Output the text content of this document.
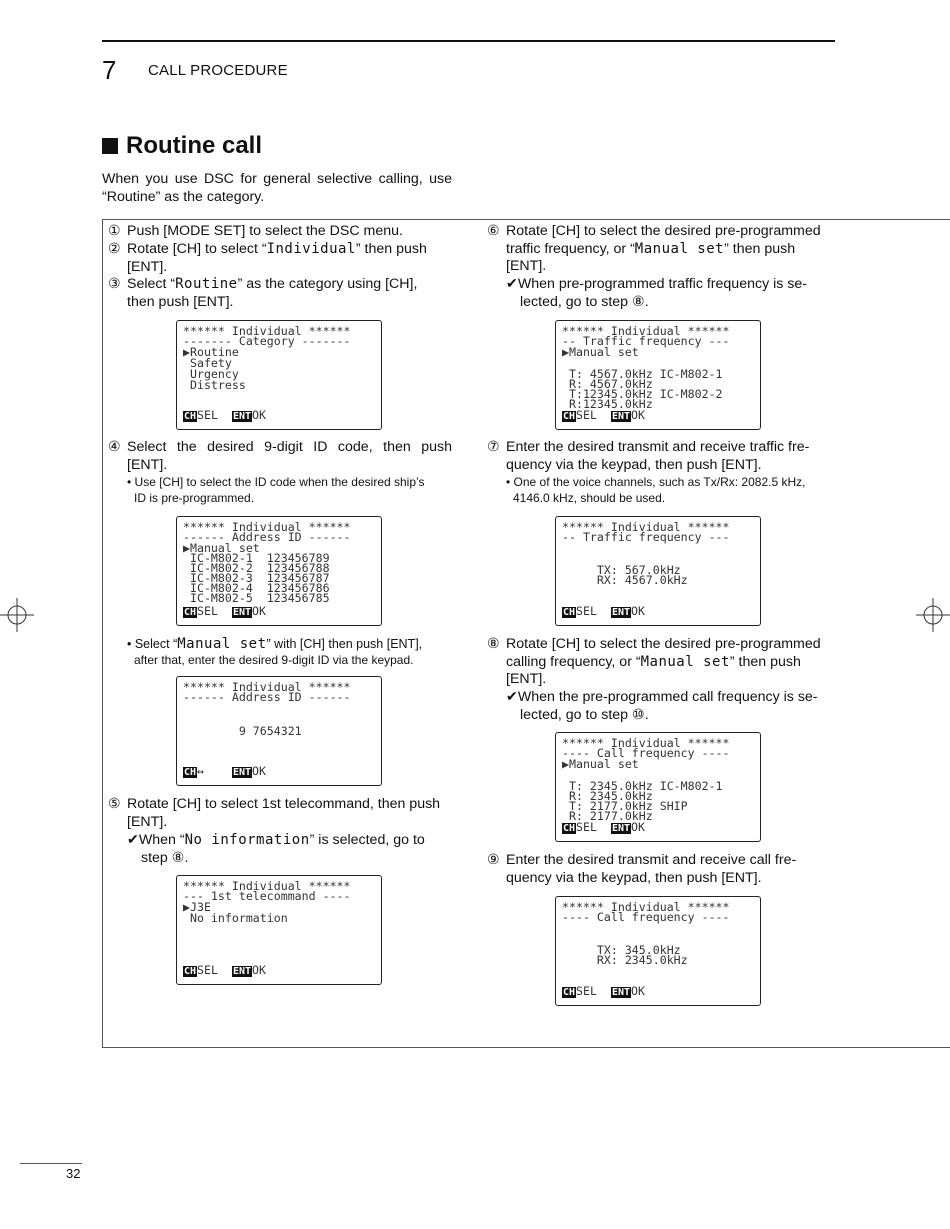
7 CALL PROCEDURE
Routine call
When you use DSC for general selective calling, use
“Routine” as the category.
① Push [MODE SET] to select the DSC menu.
② Rotate [CH] to select “Individual” then push
[ENT].
③ Select “Routine” as the category using [CH],
then push [ENT].
****** Individual ******
------- Category -------
▶Routine
Safety
Urgency
Distress
CHSEL ENTOK
④ Select the desired 9-digit ID code, then push
[ENT].
• Use [CH] to select the ID code when the desired ship’s
ID is pre-programmed.
****** Individual ******
------ Address ID ------
▶Manual set
IC-M802-1  123456789
IC-M802-2  123456788
IC-M802-3  123456787
IC-M802-4  123456786
IC-M802-5  123456785
CHSEL ENTOK
• Select “Manual set” with [CH] then push [ENT],
after that, enter the desired 9-digit ID via the keypad.
****** Individual ******
------ Address ID ------
9 7654321
CH↔	ENTOK
⑤ Rotate [CH] to select 1st telecommand, then push
[ENT].
✔When “No information” is selected, go to
step ⑧.
****** Individual ******
--- 1st telecommand ----
▶J3E
No information
CHSEL ENTOK
⑥ Rotate [CH] to select the desired pre-programmed
traffic frequency, or “Manual set” then push
[ENT].
✔When pre-programmed traffic frequency is se-
lected, go to step ⑧.
****** Individual ******
-- Traffic frequency ---
▶Manual set
T: 4567.0kHz IC-M802-1
R: 4567.0kHz
T:12345.0kHz IC-M802-2
R:12345.0kHz
CHSEL ENTOK
⑦ Enter the desired transmit and receive traffic fre-
quency via the keypad, then push [ENT].
• One of the voice channels, such as Tx/Rx: 2082.5 kHz,
4146.0 kHz, should be used.
****** Individual ******
-- Traffic frequency ---
TX: 567.0kHz
RX: 4567.0kHz
CHSEL ENTOK
⑧ Rotate [CH] to select the desired pre-programmed
calling frequency, or “Manual set” then push
[ENT].
✔When the pre-programmed call frequency is se-
lected, go to step ⑩.
****** Individual ******
---- Call frequency ----
▶Manual set
T: 2345.0kHz IC-M802-1
R: 2345.0kHz
T: 2177.0kHz SHIP
R: 2177.0kHz
CHSEL ENTOK
⑨ Enter the desired transmit and receive call fre-
quency via the keypad, then push [ENT].
****** Individual ******
---- Call frequency ----
TX: 345.0kHz
RX: 2345.0kHz
CHSEL ENTOK
32
